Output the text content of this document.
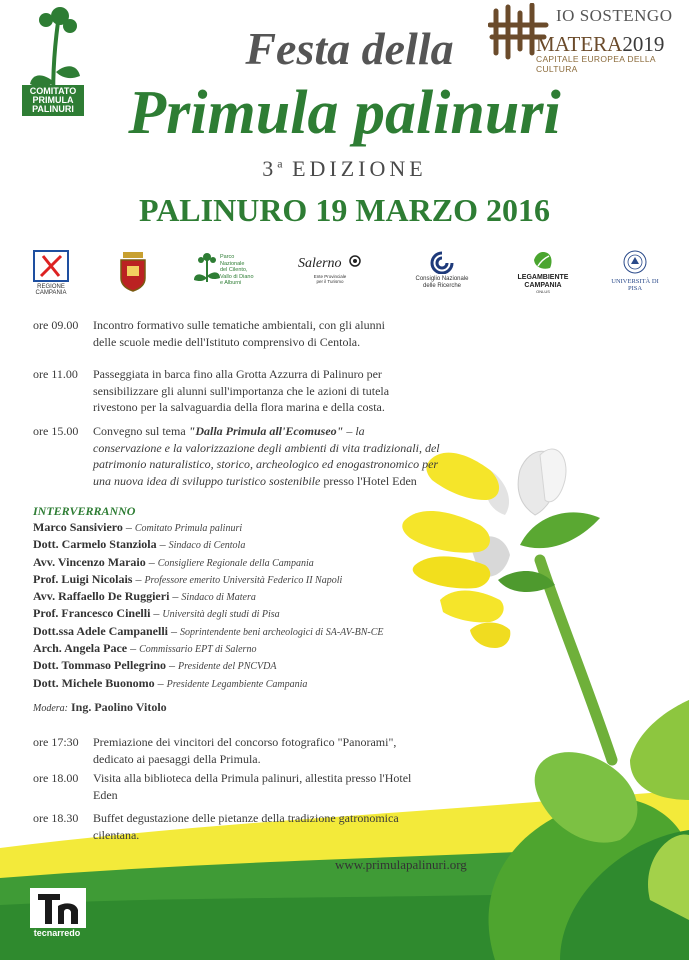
COMITATO
PRIMULA
PALINURI
IO SOSTENGO
MATERA2019
CAPITALE EUROPEA DELLA CULTURA
Festa della
Primula palinuri
3$^a$ EDIZIONE
PALINURO 19 MARZO 2016
REGIONE CAMPANIA
Parco Nazionale
del Cilento,
Vallo di Diano
e Alburni
Salerno
Ente Provinciale
per il Turismo	Consiglio Nazionale
delle Ricerche
LEGAMBIENTE
CAMPANIA
ONLUS
UNIVERSITÀ DI PISA
ore 09.00 Incontro formativo sulle tematiche ambientali, con gli alunni
delle scuole medie dell'Istituto comprensivo di Centola.
ore 11.00 Passeggiata in barca fino alla Grotta Azzurra di Palinuro per
sensibilizzare gli alunni sull'importanza che le azioni di tutela
rivestono per la salvaguardia della flora marina e della costa.
ore 15.00 Convegno sul tema "Dalla Primula all'Ecomuseo" – la
conservazione e la valorizzazione degli ambienti di vita tradizionali, del
patrimonio naturalistico, storico, archeologico ed enogastronomico per
una nuova idea di sviluppo turistico sostenibile presso l'Hotel Eden
INTERVERRANNO
Marco Sansiviero – Comitato Primula palinuri
Dott. Carmelo Stanziola – Sindaco di Centola
Avv. Vincenzo Maraio – Consigliere Regionale della Campania
Prof. Luigi Nicolais – Professore emerito Università Federico II Napoli
Avv. Raffaello De Ruggieri – Sindaco di Matera
Prof. Francesco Cinelli – Università degli studi di Pisa
Dott.ssa Adele Campanelli – Soprintendente beni archeologici di SA-AV-BN-CE
Arch. Angela Pace – Commissario EPT di Salerno
Dott. Tommaso Pellegrino – Presidente del PNCVDA
Dott. Michele Buonomo – Presidente Legambiente Campania
Modera: Ing. Paolino Vitolo
ore 17:30 Premiazione dei vincitori del concorso fotografico "Panorami",
dedicato ai paesaggi della Primula.
ore 18.00 Visita alla biblioteca della Primula palinuri, allestita presso l'Hotel
Eden
ore 18.30 Buffet degustazione delle pietanze della tradizione gatronomica
cilentana.
www.primulapalinuri.org
tecnarredo
